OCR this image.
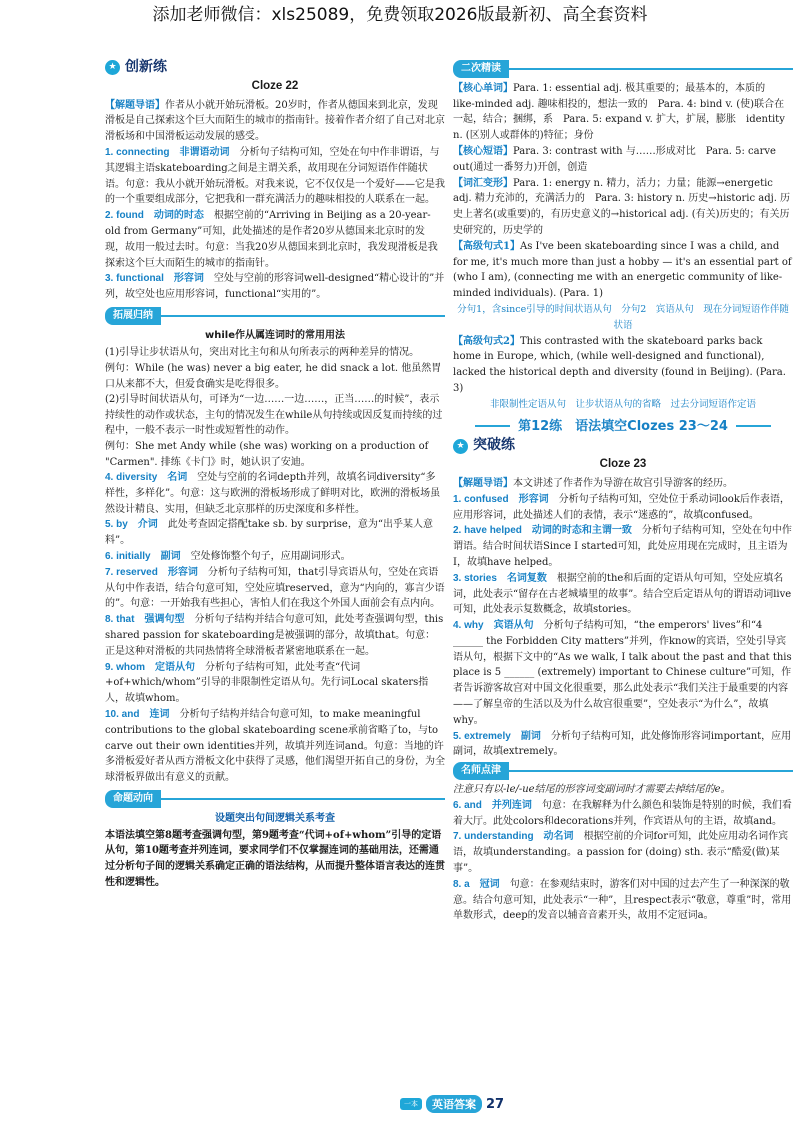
添加老师微信：xls25089，免费领取2026版最新初、高全套资料
★ 创新练
Cloze 22

【解题导语】作者从小就开始玩滑板。20岁时，作者从德国来到北京，发现滑板是自己探索这个巨大而陌生的城市的指南针。接着作者介绍了自己对北京滑板场和中国滑板运动发展的感受。

1. connecting　非谓语动词　 分析句子结构可知，空处在句中作非谓语，与其逻辑主语skateboarding之间是主谓关系，故用现在分词短语作伴随状语。句意：我从小就开始玩滑板。对我来说，它不仅仅是一个爱好——它是我的一个重要组成部分，它把我和一群充满活力的趣味相投的人联系在一起。

2. found　动词的时态　 根据空前的“Arriving in Beijing as a 20-year-old from Germany”可知，此处描述的是作者20岁从德国来北京时的发现，故用一般过去时。句意：当我20岁从德国来到北京时，我发现滑板是我探索这个巨大而陌生的城市的指南针。

3. functional　形容词　 空处与空前的形容词well-designed“精心设计的”并列，故空处也应用形容词，functional“实用的”。

拓展归纳
while作从属连词时的常用用法

(1)引导让步状语从句，突出对比主句和从句所表示的两种差异的情况。

例句：While (he was) never a big eater, he did snack a lot. 他虽然胃口从来都不大，但爱食确实是吃得很多。

(2)引导时间状语从句，可译为“一边……一边……，正当……的时候”，表示持续性的动作或状态，主句的情况发生在while从句持续或因反复而持续的过程中，一般不表示一时性或短暂性的动作。

例句：She met Andy while (she was) working on a production of "Carmen". 排练《卡门》时，她认识了安迪。

4. diversity　名词　 空处与空前的名词depth并列，故填名词diversity“多样性，多样化”。句意：这与欧洲的滑板场形成了鲜明对比，欧洲的滑板场虽然设计精良、实用，但缺乏北京那样的历史深度和多样性。

5. by　介词　 此处考查固定搭配take sb. by surprise，意为“出乎某人意料”。

6. initially　副词　 空处修饰整个句子，应用副词形式。

7. reserved　形容词　 分析句子结构可知，that引导宾语从句，空处在宾语从句中作表语，结合句意可知，空处应填reserved，意为“内向的，寡言少语的”。句意：一开始我有些担心，害怕人们在我这个外国人面前会有点内向。

8. that　强调句型　 分析句子结构并结合句意可知，此处考查强调句型，this shared passion for skateboarding是被强调的部分，故填that。句意：正是这种对滑板的共同热情将全球滑板者紧密地联系在一起。

9. whom　定语从句　 分析句子结构可知，此处考查“代词+of+which/whom”引导的非限制性定语从句。先行词Local skaters指人，故填whom。

10. and　连词　 分析句子结构并结合句意可知，to make meaningful contributions to the global skateboarding scene承前省略了to，与to carve out their own identities并列，故填并列连词and。句意：当地的许多滑板爱好者从西方滑板文化中获得了灵感，他们渴望开拓自己的身份，为全球滑板界做出有意义的贡献。

命题动向
设题突出句间逻辑关系考查

本语法填空第8题考查强调句型，第9题考查“代词+of+whom”引导的定语从句，第10题考查并列连词，要求同学们不仅掌握连词的基础用法，还需通过分析句子间的逻辑关系确定正确的语法结构，从而提升整体语言表达的连贯性和逻辑性。

二次精读

【核心单词】Para. 1: essential adj. 极其重要的；最基本的，本质的　like-minded adj. 趣味相投的，想法一致的　Para. 4: bind v. (使)联合在一起，结合；捆绑，系　Para. 5: expand v. 扩大，扩展，膨胀　identity n. (区别人或群体的)特征；身份

【核心短语】Para. 3: contrast with 与……形成对比　Para. 5: carve out(通过一番努力)开创，创造

【词汇变形】Para. 1: energy n. 精力，活力；力量；能源→energetic adj. 精力充沛的，充满活力的　Para. 3: history n. 历史→historic adj. 历史上著名(或重要)的，有历史意义的→historical adj. (有关)历史的；有关历史研究的，历史学的

【高级句式1】As I've been skateboarding since I was a child, and for me, it's much more than just a hobby — it's an essential part of (who I am), (connecting me with an energetic community of like-minded individuals). (Para. 1)

分句1，含since引导的时间状语从句　 分句2　 宾语从句　 现在分词短语作伴随状语

【高级句式2】This contrasted with the skateboard parks back home in Europe, which, (while well-designed and functional), lacked the historical depth and diversity (found in Beijing). (Para. 3)

非限制性定语从句　 让步状语从句的省略　 过去分词短语作定语

第12练　语法填空Clozes 23～24
★ 突破练
Cloze 23

【解题导语】本文讲述了作者作为导游在故宫引导游客的经历。

1. confused　形容词　 分析句子结构可知，空处位于系动词look后作表语，应用形容词，此处描述人们的表情，表示“迷惑的”，故填confused。

2. have helped　动词的时态和主谓一致　 分析句子结构可知，空处在句中作谓语。结合时间状语Since I started可知，此处应用现在完成时，且主语为I，故填have helped。

3. stories　名词复数　 根据空前的the和后面的定语从句可知，空处应填名词，此处表示“留存在古老城墙里的故事”。结合空后定语从句的谓语动词live可知，此处表示复数概念，故填stories。

4. why　宾语从句　 分析句子结构可知，“the emperors' lives”和“4 ______ the Forbidden City matters”并列，作know的宾语，空处引导宾语从句，根据下文中的“As we walk, I talk about the past and that this place is 5 ______ (extremely) important to Chinese culture”可知，作者告诉游客故宫对中国文化很重要，那么此处表示“我们关注于最重要的内容——了解皇帝的生活以及为什么故宫很重要”，空处表示“为什么”，故填why。

5. extremely　副词　 分析句子结构可知，此处修饰形容词important，应用副词，故填extremely。

名师点津

注意只有以-le/-ue结尾的形容词变副词时才需要去掉结尾的e。

6. and　并列连词　 句意：在我解释为什么颜色和装饰是特别的时候，我们看着大厅。此处colors和decorations并列，作宾语从句的主语，故填and。

7. understanding　动名词　 根据空前的介词for可知，此处应用动名词作宾语，故填understanding。a passion for (doing) sth. 表示“酷爱(做)某事”。

8. a　冠词　 句意：在参观结束时，游客们对中国的过去产生了一种深深的敬意。结合句意可知，此处表示“一种”，且respect表示“敬意，尊重”时，常用单数形式，deep的发音以辅音音素开头，故用不定冠词a。

一本	英语答案 27
